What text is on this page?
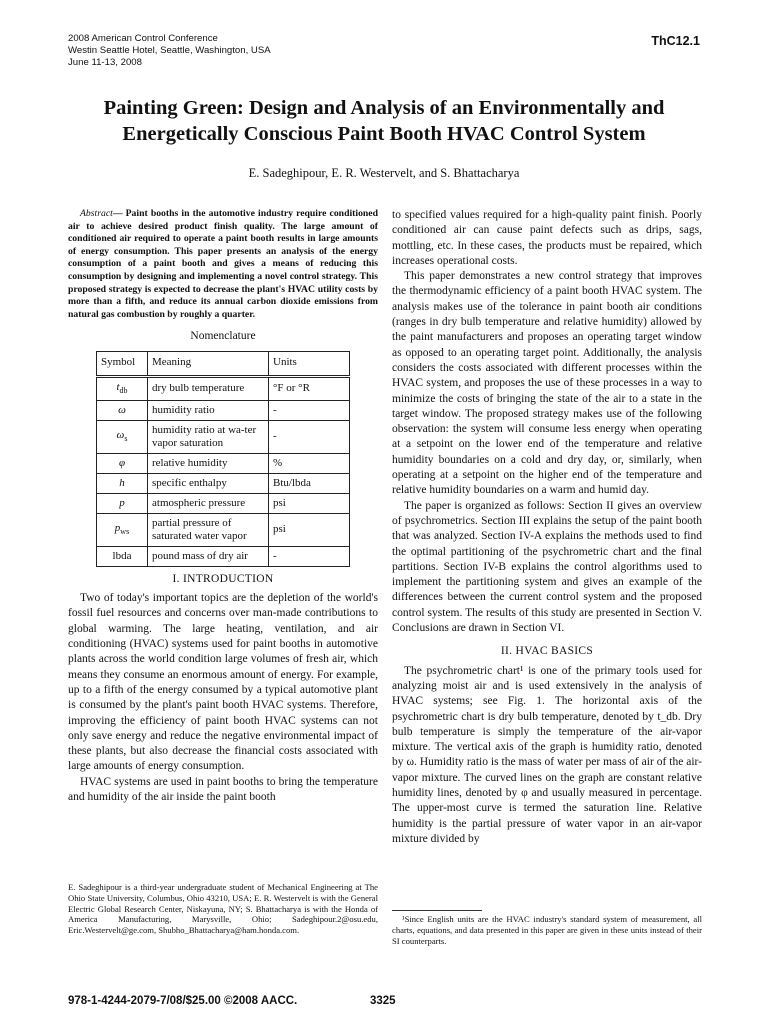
2008 American Control Conference
Westin Seattle Hotel, Seattle, Washington, USA
June 11-13, 2008
ThC12.1
Painting Green: Design and Analysis of an Environmentally and
Energetically Conscious Paint Booth HVAC Control System
E. Sadeghipour, E. R. Westervelt, and S. Bhattacharya

Abstract— Paint booths in the automotive industry require conditioned air to achieve desired product finish quality. The large amount of conditioned air required to operate a paint booth results in large amounts of energy consumption. This paper presents an analysis of the energy consumption of a paint booth and gives a means of reducing this consumption by designing and implementing a novel control strategy. This proposed strategy is expected to decrease the plant's HVAC utility costs by more than a fifth, and reduce its annual carbon dioxide emissions from natural gas combustion by roughly a quarter.

Nomenclature
Symbol	Meaning	Units
$t_{db}$	dry bulb temperature	°F or °R
ω	humidity ratio	-
$\omega_s$	humidity ratio at wa-ter vapor saturation	-
φ	relative humidity	%
h	specific enthalpy	Btu/lbda
p	atmospheric pressure	psi
$p_{ws}$	partial pressure of saturated water vapor	psi
lbda	pound mass of dry air	-
I. INTRODUCTION

Two of today's important topics are the depletion of the world's fossil fuel resources and concerns over man-made contributions to global warming. The large heating, ventilation, and air conditioning (HVAC) systems used for paint booths in automotive plants across the world condition large volumes of fresh air, which means they consume an enormous amount of energy. For example, up to a fifth of the energy consumed by a typical automotive plant is consumed by the plant's paint booth HVAC systems. Therefore, improving the efficiency of paint booth HVAC systems can not only save energy and reduce the negative environmental impact of these plants, but also decrease the financial costs associated with large amounts of energy consumption.

HVAC systems are used in paint booths to bring the temperature and humidity of the air inside the paint booth

E. Sadeghipour is a third-year undergraduate student of Mechanical Engineering at The Ohio State University, Columbus, Ohio 43210, USA; E. R. Westervelt is with the General Electric Global Research Center, Niskayuna, NY; S. Bhattacharya is with the Honda of America Manufacturing, Marysville, Ohio; Sadeghipour.2@osu.edu, Eric.Westervelt@ge.com, Shubho_Bhattacharya@ham.honda.com.

to specified values required for a high-quality paint finish. Poorly conditioned air can cause paint defects such as drips, sags, mottling, etc. In these cases, the products must be repaired, which increases operational costs.

This paper demonstrates a new control strategy that improves the thermodynamic efficiency of a paint booth HVAC system. The analysis makes use of the tolerance in paint booth air conditions (ranges in dry bulb temperature and relative humidity) allowed by the paint manufacturers and proposes an operating target window as opposed to an operating target point. Additionally, the analysis considers the costs associated with different processes within the HVAC system, and proposes the use of these processes in a way to minimize the costs of bringing the state of the air to a state in the target window. The proposed strategy makes use of the following observation: the system will consume less energy when operating at a setpoint on the lower end of the temperature and relative humidity boundaries on a cold and dry day, or, similarly, when operating at a setpoint on the higher end of the temperature and relative humidity boundaries on a warm and humid day.

The paper is organized as follows: Section II gives an overview of psychrometrics. Section III explains the setup of the paint booth that was analyzed. Section IV-A explains the methods used to find the optimal partitioning of the psychrometric chart and the final partitions. Section IV-B explains the control algorithms used to implement the partitioning system and gives an example of the differences between the current control system and the proposed control system. The results of this study are presented in Section V. Conclusions are drawn in Section VI.

II. HVAC BASICS

The psychrometric chart¹ is one of the primary tools used for analyzing moist air and is used extensively in the analysis of HVAC systems; see Fig. 1. The horizontal axis of the psychrometric chart is dry bulb temperature, denoted by t_db. Dry bulb temperature is simply the temperature of the air-vapor mixture. The vertical axis of the graph is humidity ratio, denoted by ω. Humidity ratio is the mass of water per mass of air of the air-vapor mixture. The curved lines on the graph are constant relative humidity lines, denoted by φ and usually measured in percentage. The upper-most curve is termed the saturation line. Relative humidity is the partial pressure of water vapor in an air-vapor mixture divided by

¹Since English units are the HVAC industry's standard system of measurement, all charts, equations, and data presented in this paper are given in these units instead of their SI counterparts.
978-1-4244-2079-7/08/$25.00 ©2008 AACC.	3325
